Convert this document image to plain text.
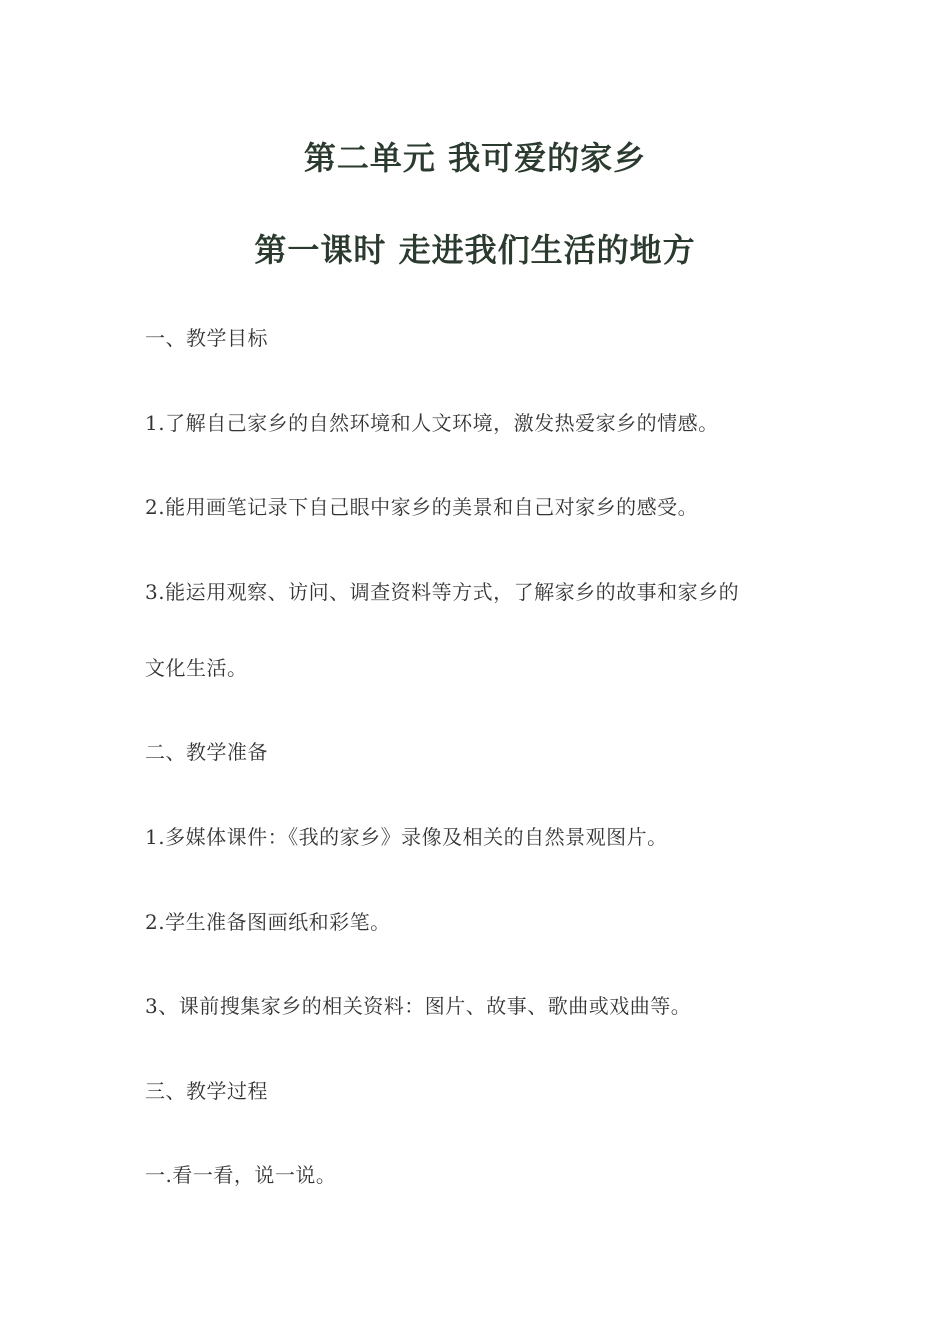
第二单元 我可爱的家乡
第一课时 走进我们生活的地方
一、教学目标
1.了解自己家乡的自然环境和人文环境，激发热爱家乡的情感。
2.能用画笔记录下自己眼中家乡的美景和自己对家乡的感受。
3.能运用观察、访问、调查资料等方式，了解家乡的故事和家乡的
文化生活。
二、教学准备
1.多媒体课件：《我的家乡》录像及相关的自然景观图片。
2.学生准备图画纸和彩笔。
3、课前搜集家乡的相关资料：图片、故事、歌曲或戏曲等。
三、教学过程
一.看一看，说一说。
